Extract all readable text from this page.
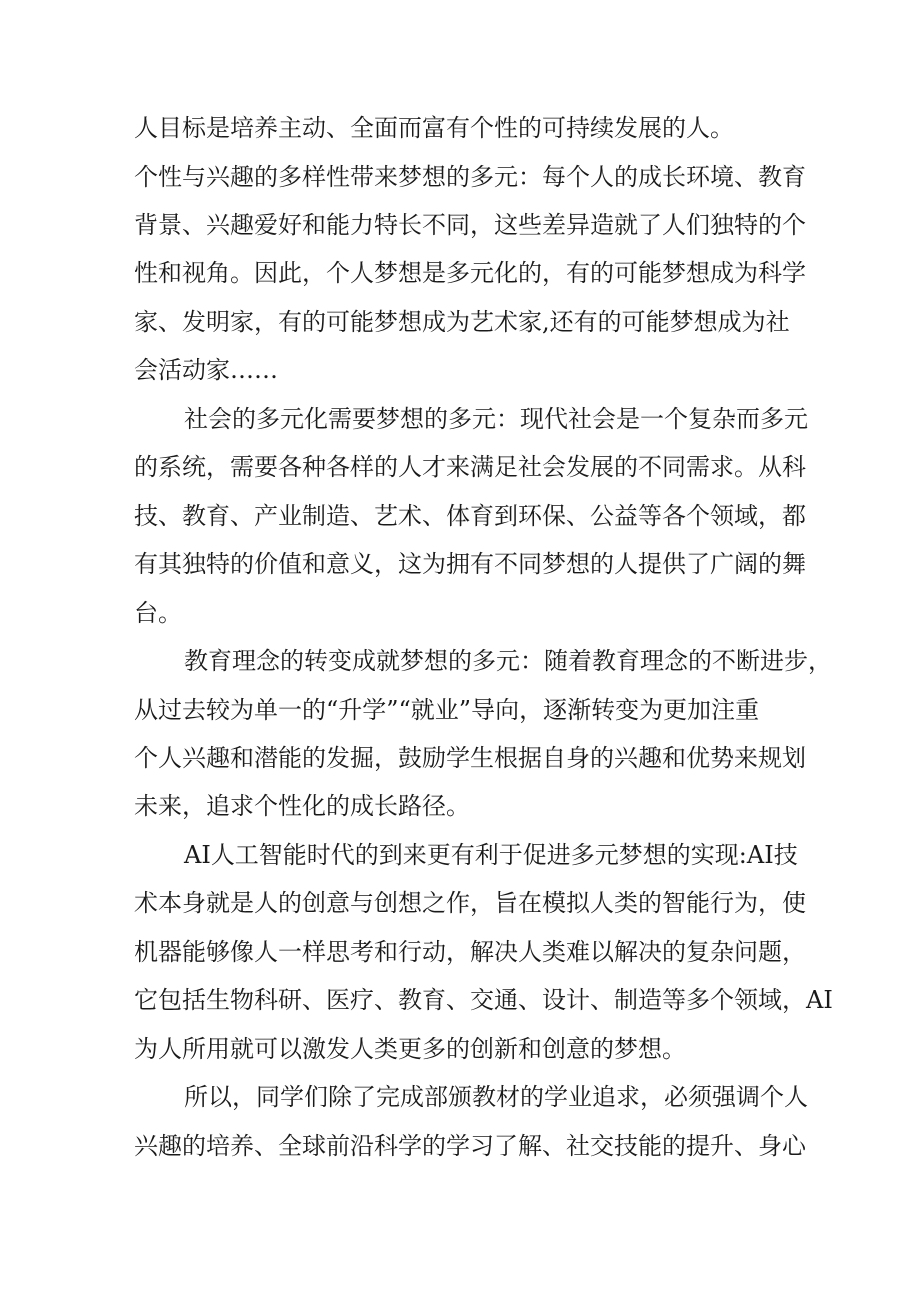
人目标是培养主动、全面而富有个性的可持续发展的人。
个性与兴趣的多样性带来梦想的多元：每个人的成长环境、教育
背景、兴趣爱好和能力特长不同，这些差异造就了人们独特的个
性和视角。因此，个人梦想是多元化的，有的可能梦想成为科学
家、发明家，有的可能梦想成为艺术家,还有的可能梦想成为社
会活动家……
社会的多元化需要梦想的多元：现代社会是一个复杂而多元
的系统，需要各种各样的人才来满足社会发展的不同需求。从科
技、教育、产业制造、艺术、体育到环保、公益等各个领域，都
有其独特的价值和意义，这为拥有不同梦想的人提供了广阔的舞
台。
教育理念的转变成就梦想的多元：随着教育理念的不断进步，
从过去较为单一的“升学”“就业”导向，逐渐转变为更加注重
个人兴趣和潜能的发掘，鼓励学生根据自身的兴趣和优势来规划
未来，追求个性化的成长路径。
AI人工智能时代的到来更有利于促进多元梦想的实现:AI技
术本身就是人的创意与创想之作，旨在模拟人类的智能行为，使
机器能够像人一样思考和行动，解决人类难以解决的复杂问题，
它包括生物科研、医疗、教育、交通、设计、制造等多个领域，AI
为人所用就可以激发人类更多的创新和创意的梦想。
所以，同学们除了完成部颁教材的学业追求，必须强调个人
兴趣的培养、全球前沿科学的学习了解、社交技能的提升、身心
